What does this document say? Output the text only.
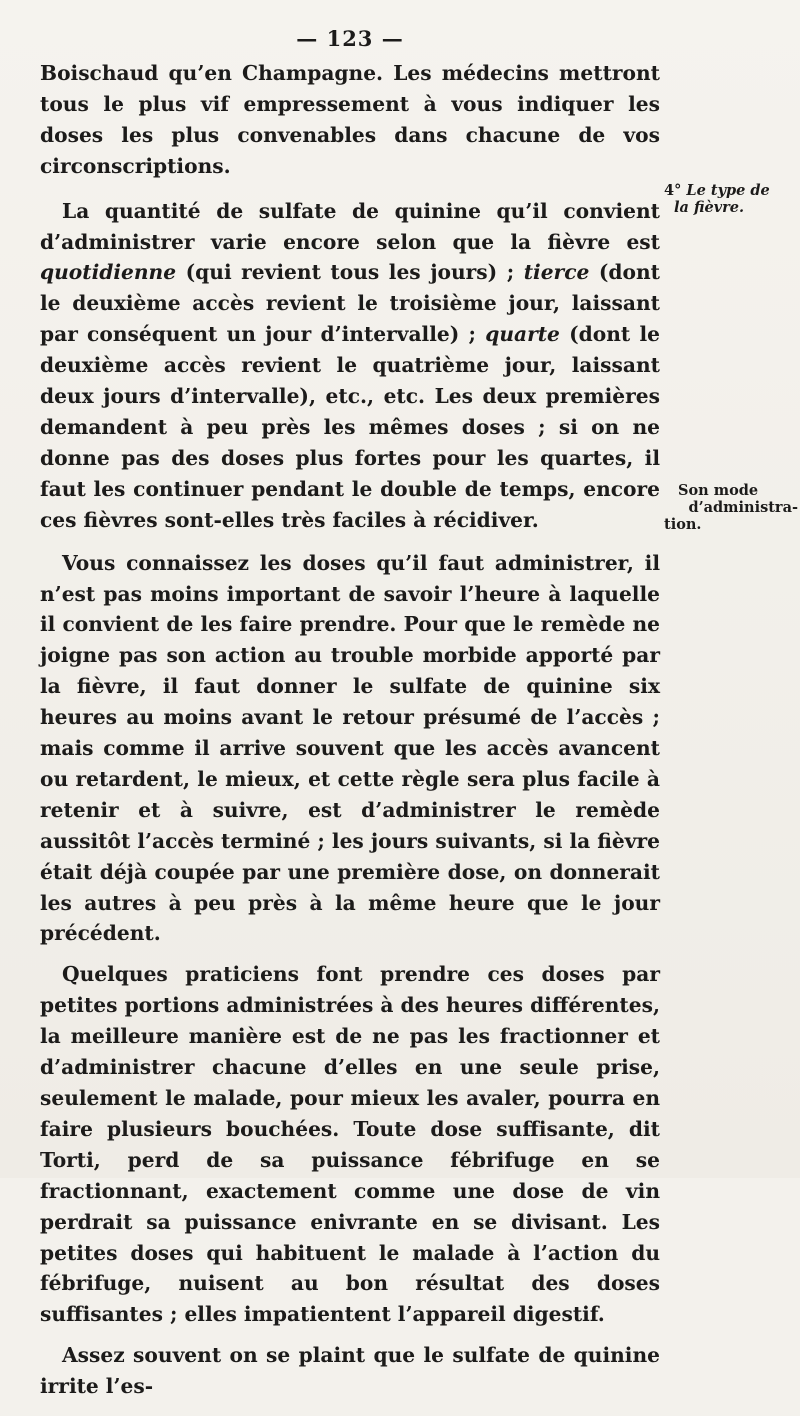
— 123 —

Boischaud qu’en Champagne. Les médecins mettront tous le plus vif empressement à vous indiquer les doses les plus convenables dans chacune de vos circonscriptions.

La quantité de sulfate de quinine qu’il convient d’administrer varie encore selon que la fièvre est quotidienne (qui revient tous les jours) ; tierce (dont le deuxième accès revient le troisième jour, laissant par conséquent un jour d’intervalle) ; quarte (dont le deuxième accès revient le quatrième jour, laissant deux jours d’intervalle), etc., etc. Les deux premières demandent à peu près les mêmes doses ; si on ne donne pas des doses plus fortes pour les quartes, il faut les continuer pendant le double de temps, encore ces fièvres sont-elles très faciles à récidiver.

Vous connaissez les doses qu’il faut administrer, il n’est pas moins important de savoir l’heure à laquelle il convient de les faire prendre. Pour que le remède ne joigne pas son action au trouble morbide apporté par la fièvre, il faut donner le sulfate de quinine six heures au moins avant le retour présumé de l’accès ; mais comme il arrive souvent que les accès avancent ou retardent, le mieux, et cette règle sera plus facile à retenir et à suivre, est d’administrer le remède aussitôt l’accès terminé ; les jours suivants, si la fièvre était déjà coupée par une première dose, on donnerait les autres à peu près à la même heure que le jour précédent.

Quelques praticiens font prendre ces doses par petites portions administrées à des heures différentes, la meilleure manière est de ne pas les fractionner et d’administrer chacune d’elles en une seule prise, seulement le malade, pour mieux les avaler, pourra en faire plusieurs bouchées. Toute dose suffisante, dit Torti, perd de sa puissance fébrifuge en se fractionnant, exactement comme une dose de vin perdrait sa puissance enivrante en se divisant. Les petites doses qui habituent le malade à l’action du fébrifuge, nuisent au bon résultat des doses suffisantes ; elles impatientent l’appareil digestif.

Assez souvent on se plaint que le sulfate de quinine irrite l’es-

4° Le type de
la fièvre.
Son mode
d’administra-
tion.
